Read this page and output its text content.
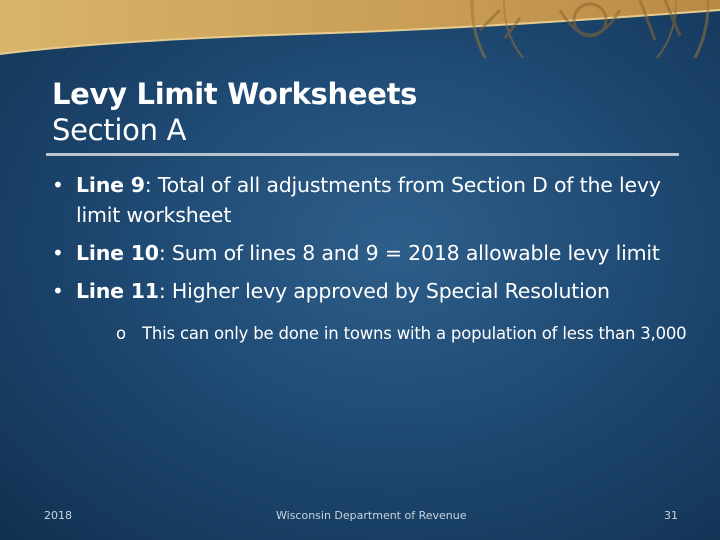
Levy Limit Worksheets
Section A
• Line 9: Total of all adjustments from Section D of the levy limit worksheet
• Line 10: Sum of lines 8 and 9 = 2018 allowable levy limit
• Line 11: Higher levy approved by Special Resolution
o This can only be done in towns with a population of less than 3,000
2018	Wisconsin Department of Revenue	31
